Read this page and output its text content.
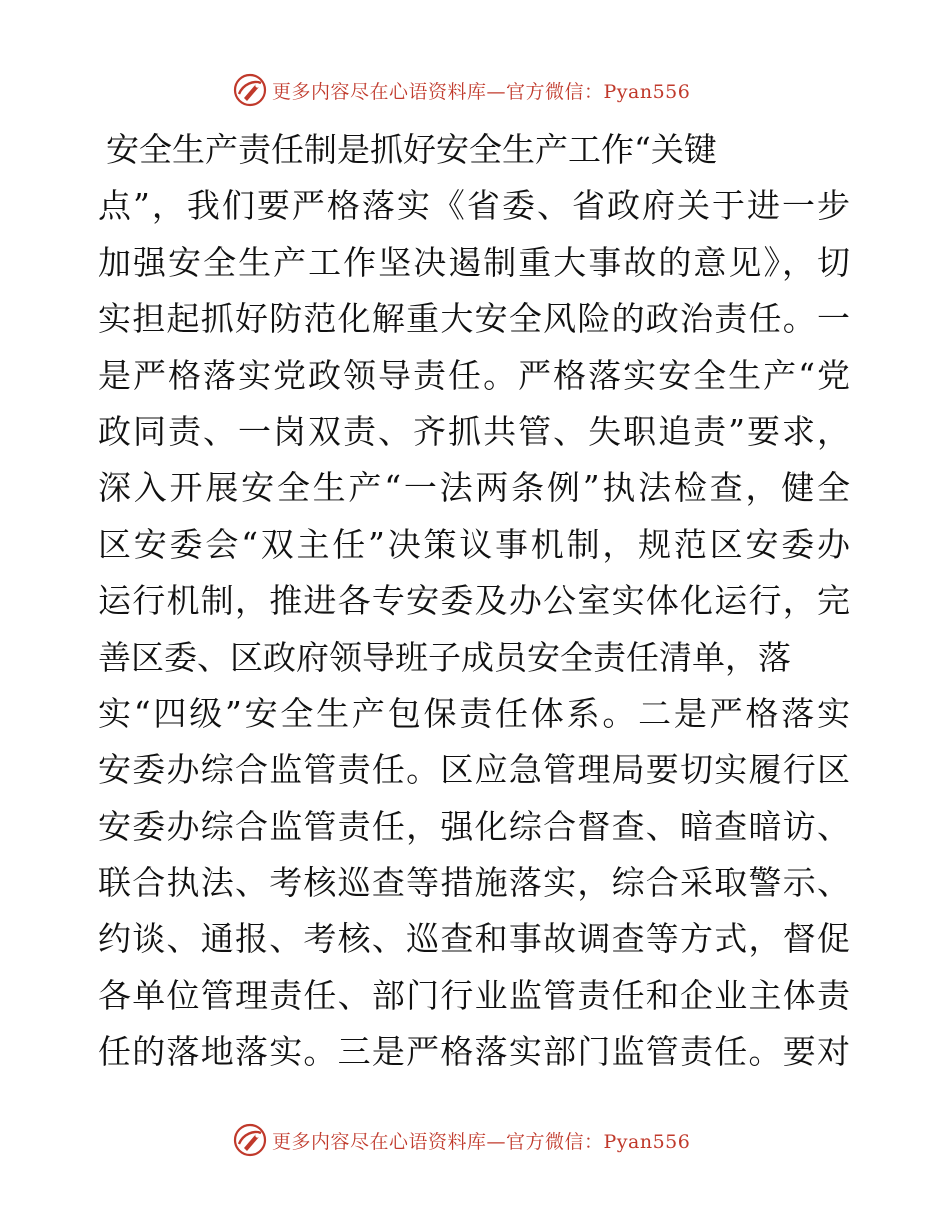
更多内容尽在心语资料库—官方微信：Pyan556
安全生产责任制是抓好安全生产工作“关键
点”，我们要严格落实《省委、省政府关于进一步
加强安全生产工作坚决遏制重大事故的意见》，切
实担起抓好防范化解重大安全风险的政治责任。一
是严格落实党政领导责任。严格落实安全生产“党
政同责、一岗双责、齐抓共管、失职追责”要求，
深入开展安全生产“一法两条例”执法检查，健全
区安委会“双主任”决策议事机制，规范区安委办
运行机制，推进各专安委及办公室实体化运行，完
善区委、区政府领导班子成员安全责任清单，落
实“四级”安全生产包保责任体系。二是严格落实
安委办综合监管责任。区应急管理局要切实履行区
安委办综合监管责任，强化综合督查、暗查暗访、
联合执法、考核巡查等措施落实，综合采取警示、
约谈、通报、考核、巡查和事故调查等方式，督促
各单位管理责任、部门行业监管责任和企业主体责
任的落地落实。三是严格落实部门监管责任。要对
更多内容尽在心语资料库—官方微信：Pyan556
